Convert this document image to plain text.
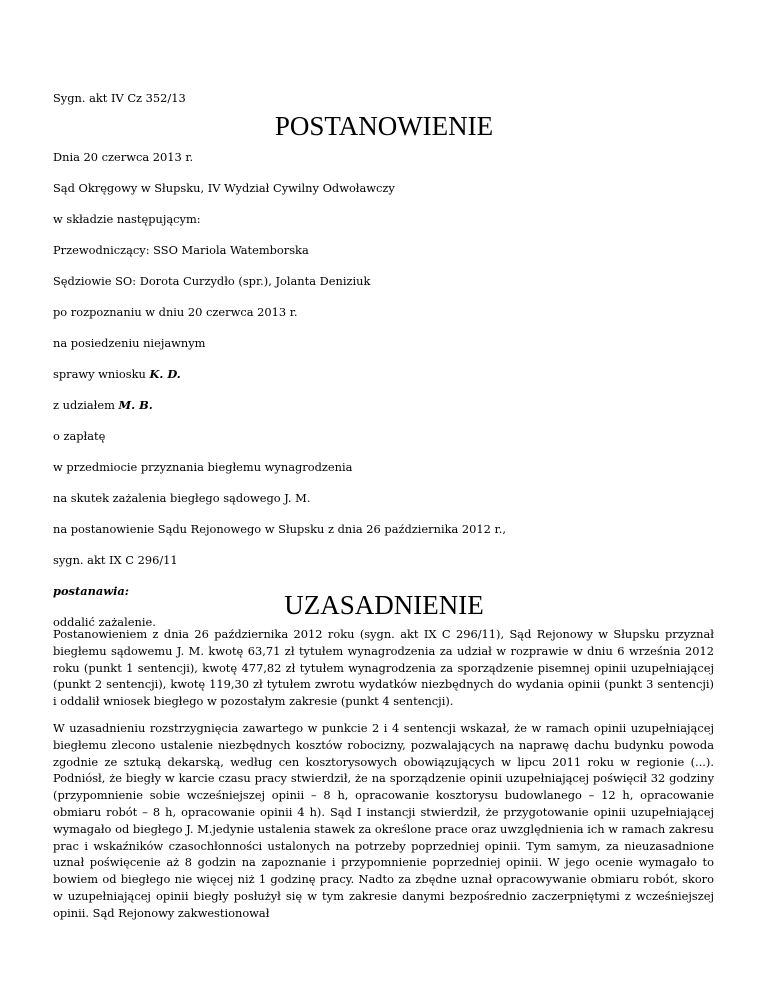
Sygn. akt IV Cz 352/13
POSTANOWIENIE
Dnia 20 czerwca 2013 r.
Sąd Okręgowy w Słupsku, IV Wydział Cywilny Odwoławczy
w składzie następującym:
Przewodniczący: SSO Mariola Watemborska
Sędziowie SO: Dorota Curzydło (spr.), Jolanta Deniziuk
po rozpoznaniu w dniu 20 czerwca 2013 r.
na posiedzeniu niejawnym
sprawy wniosku K. D.
z udziałem M. B.
o zapłatę
w przedmiocie przyznania biegłemu wynagrodzenia
na skutek zażalenia biegłego sądowego J. M.
na postanowienie Sądu Rejonowego w Słupsku z dnia 26 października 2012 r.,
sygn. akt IX C 296/11
postanawia:
oddalić zażalenie.
UZASADNIENIE

Postanowieniem z dnia 26 października 2012 roku (sygn. akt IX C 296/11), Sąd Rejonowy w Słupsku przyznał biegłemu sądowemu J. M. kwotę 63,71 zł tytułem wynagrodzenia za udział w rozprawie w dniu 6 września 2012 roku (punkt 1 sentencji), kwotę 477,82 zł tytułem wynagrodzenia za sporządzenie pisemnej opinii uzupełniającej (punkt 2 sentencji), kwotę 119,30 zł tytułem zwrotu wydatków niezbędnych do wydania opinii (punkt 3 sentencji) i oddalił wniosek biegłego w pozostałym zakresie (punkt 4 sentencji).

W uzasadnieniu rozstrzygnięcia zawartego w punkcie 2 i 4 sentencji wskazał, że w ramach opinii uzupełniającej biegłemu zlecono ustalenie niezbędnych kosztów robocizny, pozwalających na naprawę dachu budynku powoda zgodnie ze sztuką dekarską, według cen kosztorysowych obowiązujących w lipcu 2011 roku w regionie (...). Podniósł, że biegły w karcie czasu pracy stwierdził, że na sporządzenie opinii uzupełniającej poświęcił 32 godziny (przypomnienie sobie wcześniejszej opinii – 8 h, opracowanie kosztorysu budowlanego – 12 h, opracowanie obmiaru robót – 8 h, opracowanie opinii 4 h). Sąd I instancji stwierdził, że przygotowanie opinii uzupełniającej wymagało od biegłego J. M.jedynie ustalenia stawek za określone prace oraz uwzględnienia ich w ramach zakresu prac i wskaźników czasochłonności ustalonych na potrzeby poprzedniej opinii. Tym samym, za nieuzasadnione uznał poświęcenie aż 8 godzin na zapoznanie i przypomnienie poprzedniej opinii. W jego ocenie wymagało to bowiem od biegłego nie więcej niż 1 godzinę pracy. Nadto za zbędne uznał opracowywanie obmiaru robót, skoro w uzupełniającej opinii biegły posłużył się w tym zakresie danymi bezpośrednio zaczerpniętymi z wcześniejszej opinii. Sąd Rejonowy zakwestionował
